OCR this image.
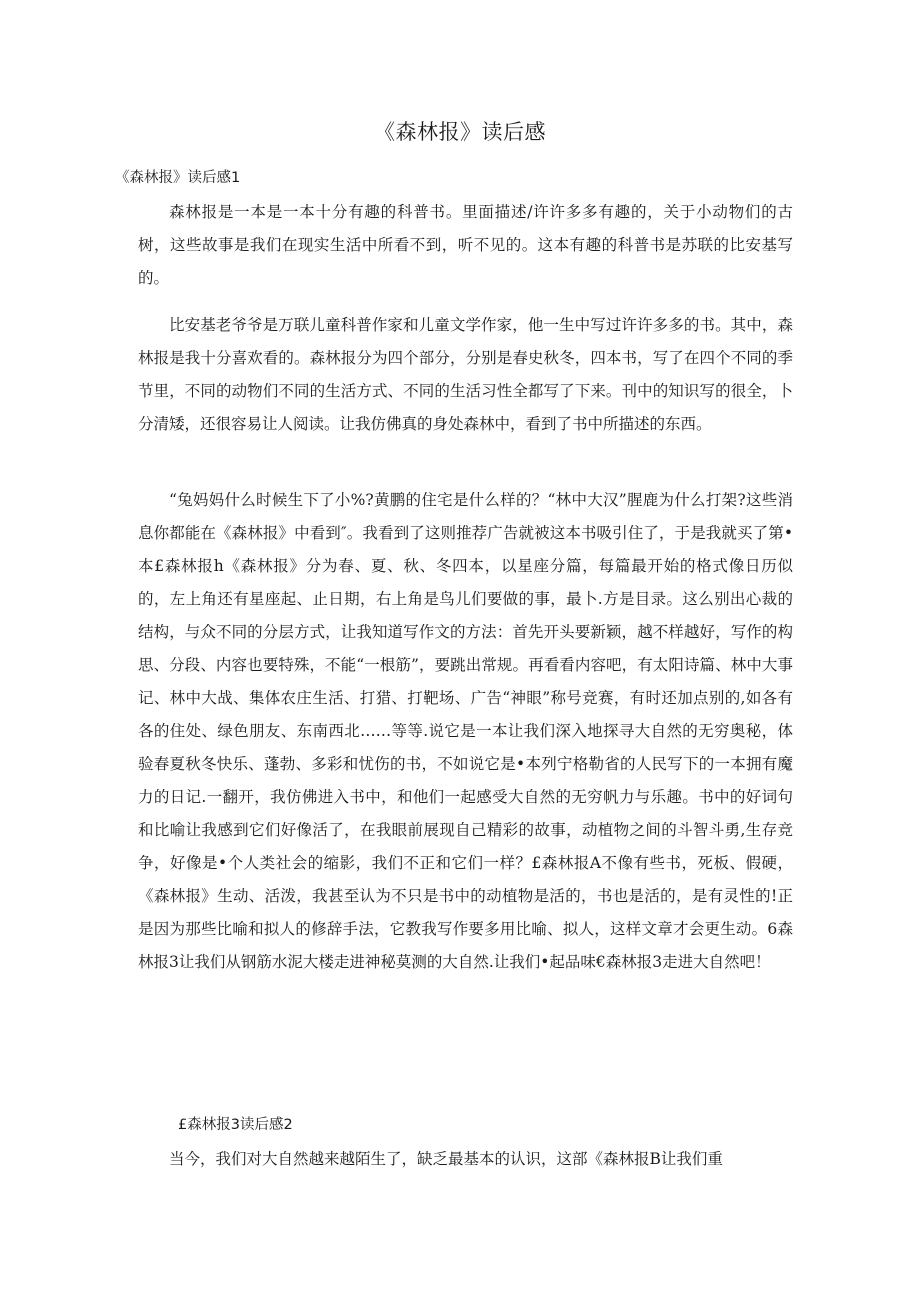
《森林报》读后感
《森林报》读后感1

森林报是一本是一本十分有趣的科普书。里面描述/许许多多有趣的，关于小动物们的古树，这些故事是我们在现实生活中所看不到，听不见的。这本有趣的科普书是苏联的比安基写的。

比安基老爷爷是万联儿童科普作家和儿童文学作家，他一生中写过许许多多的书。其中，森林报是我十分喜欢看的。森林报分为四个部分，分别是春史秋冬，四本书，写了在四个不同的季节里，不同的动物们不同的生活方式、不同的生活习性全都写了下来。刊中的知识写的很全，卜分清矮，还很容易让人阅读。让我仿佛真的身处森林中，看到了书中所描述的东西。

“兔妈妈什么时候生下了小%?黄鹏的住宅是什么样的？“林中大汉”腥鹿为什么打架?这些消息你都能在《森林报》中看到″。我看到了这则推荐广告就被这本书吸引住了，于是我就买了第•本£森林报h《森林报》分为春、夏、秋、冬四本，以星座分篇，每篇最开始的格式像日历似的，左上角还有星座起、止日期，右上角是鸟儿们要做的事，最卜.方是目录。这么别出心裁的结构，与众不同的分层方式，让我知道写作文的方法：首先开头要新颖，越不样越好，写作的构思、分段、内容也要特殊，不能“一根筋”，要跳出常规。再看看内容吧，有太阳诗篇、林中大事记、林中大战、集体农庄生活、打猎、打靶场、广告“神眼”称号竞赛，有时还加点别的,如各有各的住处、绿色朋友、东南西北……等等.说它是一本让我们深入地探寻大自然的无穷奥秘，体验春夏秋冬快乐、蓬勃、多彩和忧伤的书，不如说它是•本列宁格勒省的人民写下的一本拥有魔力的日记.一翻开，我仿佛进入书中，和他们一起感受大自然的无穷帆力与乐趣。书中的好词句和比喻让我感到它们好像活了，在我眼前展现自己精彩的故事，动植物之间的斗智斗勇,生存竞争，好像是•个人类社会的缩影，我们不正和它们一样？£森林报A不像有些书，死板、假硬，《森林报》生动、活泼，我甚至认为不只是书中的动植物是活的，书也是活的，是有灵性的!正是因为那些比喻和拟人的修辞手法，它教我写作要多用比喻、拟人，这样文章才会更生动。6森林报3让我们从钢筋水泥大楼走进神秘莫测的大自然.让我们•起品味€森林报3走进大自然吧！

£森林报3读后感2

当今，我们对大自然越来越陌生了，缺乏最基本的认识，这部《森林报B让我们重
